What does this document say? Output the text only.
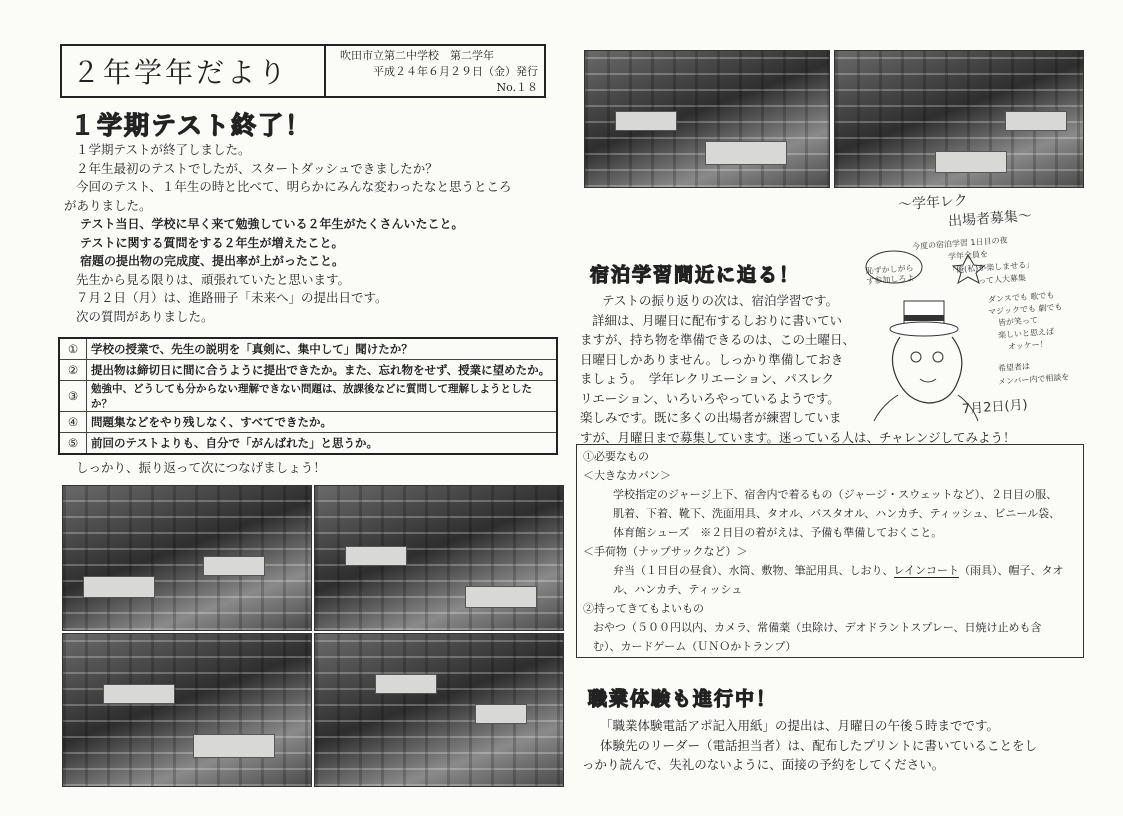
２年学年だより
吹田市立第二中学校　第二学年
平成２４年６月２９日（金）発行
No.１８
１学期テスト終了！
１学期テストが終了しました。
２年生最初のテストでしたが、スタートダッシュできましたか？
今回のテスト、１年生の時と比べて、明らかにみんな変わったなと思うところ
がありました。
テスト当日、学校に早く来て勉強している２年生がたくさんいたこと。
テストに関する質問をする２年生が増えたこと。
宿題の提出物の完成度、提出率が上がったこと。
先生から見る限りは、頑張れていたと思います。
７月２日（月）は、進路冊子「未来へ」の提出日です。
次の質問がありました。
①	学校の授業で、先生の説明を「真剣に、集中して」聞けたか？
②	提出物は締切日に間に合うように提出できたか。また、忘れ物をせず、授業に望めたか。
③	勉強中、どうしても分からない理解できない問題は、放課後などに質問して理解しようとしたか？
④	問題集などをやり残しなく、すべてできたか。
⑤	前回のテストよりも、自分で「がんばれた」と思うか。
しっかり、振り返って次につなげましょう！
宿泊学習間近に迫る！
テストの振り返りの次は、宿泊学習です。
詳細は、月曜日に配布するしおりに書いてい
ますが、持ち物を準備できるのは、この土曜日、
日曜日しかありません。しっかり準備しておき
ましょう。　学年レクリエーション、パスレク
リエーション、いろいろやっているようです。
楽しみです。既に多くの出場者が練習していま
すが、月曜日まで募集しています。迷っている人は、チャレンジしてみよう！
～学年レク
出場者募集～
今度の宿泊学習 1日目の夜
学年全員を
「俺(私)が楽しませる」
って人大募集
ダンスでも 歌でも
マジックでも 劇でも
皆が笑って
楽しいと思えば
オッケー！
希望者は
メンバー内で相談を
7月2日(月)
恥ずかしがらず参加しろよ
①必要なもの
＜大きなカバン＞
学校指定のジャージ上下、宿舎内で着るもの（ジャージ・スウェットなど）、２日目の服、
肌着、下着、靴下、洗面用具、タオル、バスタオル、ハンカチ、ティッシュ、ビニール袋、
体育館シューズ　※２日目の着がえは、予備も準備しておくこと。
＜手荷物（ナップサックなど）＞
弁当（１日目の昼食）、水筒、敷物、筆記用具、しおり、レインコート（雨具）、帽子、タオ
ル、ハンカチ、ティッシュ
②持ってきてもよいもの
おやつ（５００円以内、カメラ、常備薬（虫除け、デオドラントスプレー、日焼け止めも含
む）、カードゲーム（ＵＮＯかトランプ）
職業体験も進行中！
「職業体験電話アポ記入用紙」の提出は、月曜日の午後５時までです。
体験先のリーダー（電話担当者）は、配布したプリントに書いていることをし
っかり読んで、失礼のないように、面接の予約をしてください。
